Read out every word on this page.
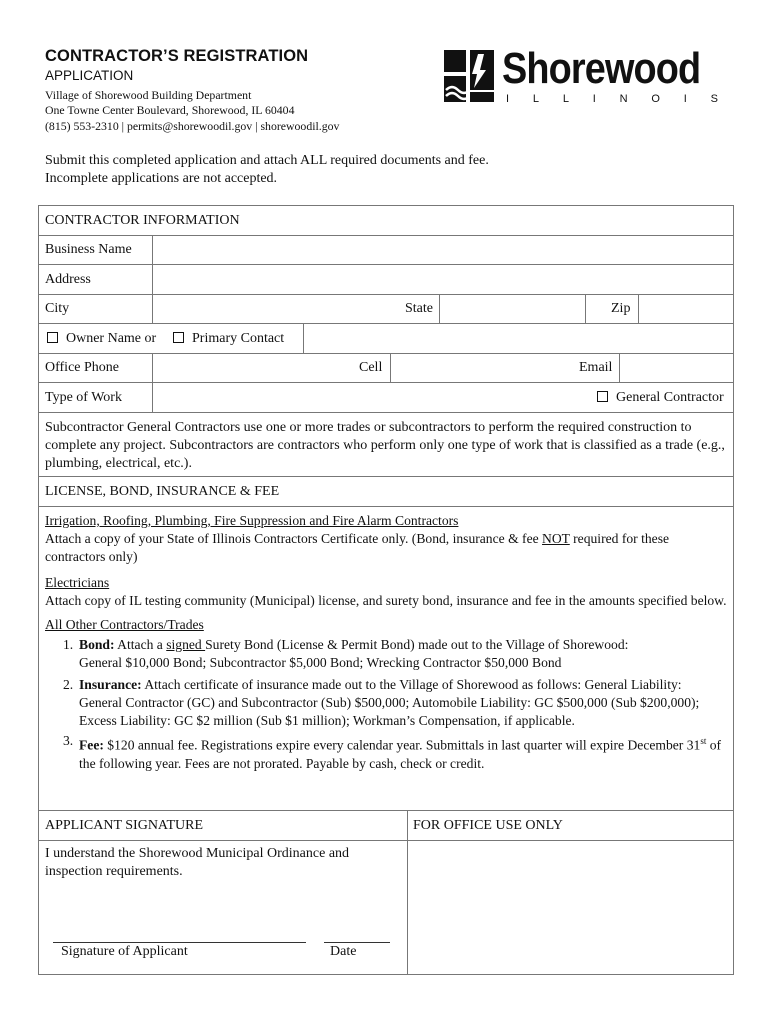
CONTRACTOR’S REGISTRATION
APPLICATION
Village of Shorewood Building Department
One Towne Center Boulevard, Shorewood, IL 60404
(815) 553-2310 | permits@shorewoodil.gov | shorewoodil.gov
Shorewood
I L L I N O I S
Submit this completed application and attach ALL required documents and fee.
Incomplete applications are not accepted.
CONTRACTOR INFORMATION
Business Name
Address
City	State	Zip
Owner Name or	Primary Contact
Office Phone	Cell	Email
Type of Work	General Contractor
Subcontractor General Contractors use one or more trades or subcontractors to perform the required construction to complete any project. Subcontractors are contractors who perform only one type of work that is classified as a trade (e.g., plumbing, electrical, etc.).
LICENSE, BOND, INSURANCE & FEE
Irrigation, Roofing, Plumbing, Fire Suppression and Fire Alarm Contractors
Attach a copy of your State of Illinois Contractors Certificate only. (Bond, insurance & fee NOT required for these contractors only)
Electricians
Attach copy of IL testing community (Municipal) license, and surety bond, insurance and fee in the amounts specified below.
All Other Contractors/Trades
1. Bond: Attach a signed Surety Bond (License & Permit Bond) made out to the Village of Shorewood:
General $10,000 Bond; Subcontractor $5,000 Bond; Wrecking Contractor $50,000 Bond
2. Insurance: Attach certificate of insurance made out to the Village of Shorewood as follows: General Liability: General Contractor (GC) and Subcontractor (Sub) $500,000; Automobile Liability: GC $500,000 (Sub $200,000); Excess Liability: GC $2 million (Sub $1 million); Workman’s Compensation, if applicable.
3. Fee: $120 annual fee. Registrations expire every calendar year. Submittals in last quarter will expire December 31st of the following year. Fees are not prorated. Payable by cash, check or credit.
APPLICANT SIGNATURE	FOR OFFICE USE ONLY
I understand the Shorewood Municipal Ordinance and inspection requirements.
Signature of Applicant	Date
